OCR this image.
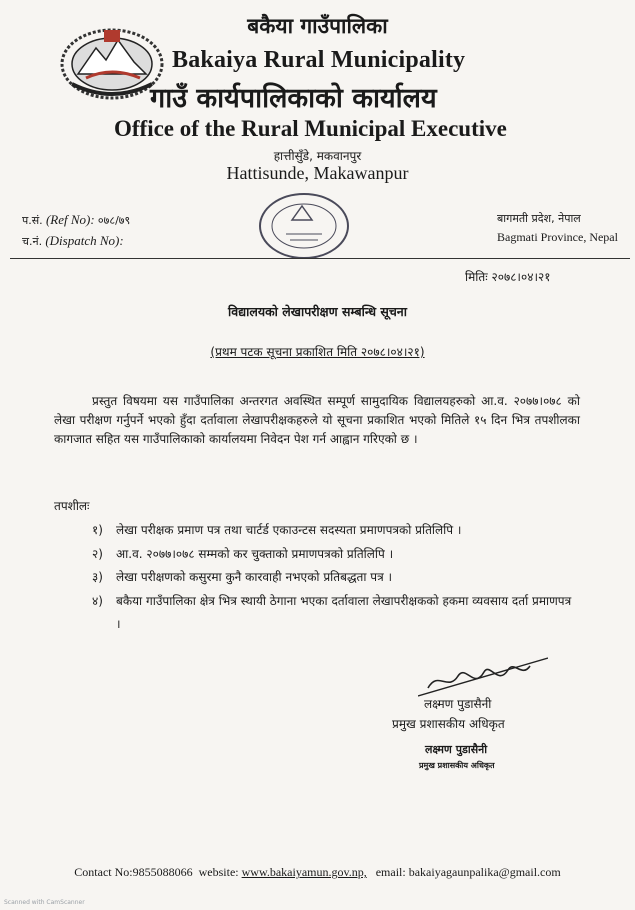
बकैया गाउँपालिका
Bakaiya Rural Municipality
गाउँ कार्यपालिकाको कार्यालय
Office of the Rural Municipal Executive
हात्तीसुँडे, मकवानपुर
Hattisunde, Makawanpur
प.सं. (Ref No): ०७८/७९
च.नं. (Dispatch No):
बागमती प्रदेश, नेपाल
Bagmati Province, Nepal
मितिः २०७८।०४।२१
विद्यालयको लेखापरीक्षण सम्बन्धि सूचना
(प्रथम पटक सूचना प्रकाशित मिति २०७८।०४।२१)
प्रस्तुत विषयमा यस गाउँपालिका अन्तरगत अवस्थित सम्पूर्ण सामुदायिक विद्यालयहरुको आ.व. २०७७।०७८ को लेखा परीक्षण गर्नुपर्ने भएको हुँदा दर्तावाला लेखापरीक्षकहरुले यो सूचना प्रकाशित भएको मितिले १५ दिन भित्र तपशीलका कागजात सहित यस गाउँपालिकाको कार्यालयमा निवेदन पेश गर्न आह्वान गरिएको छ ।
तपशीलः
१)	लेखा परीक्षक प्रमाण पत्र तथा चार्टर्ड एकाउन्टस सदस्यता प्रमाणपत्रको प्रतिलिपि ।
२)	आ.व. २०७७।०७८ सम्मको कर चुक्ताको प्रमाणपत्रको प्रतिलिपि ।
३)	लेखा परीक्षणको कसुरमा कुनै कारवाही नभएको प्रतिबद्धता पत्र ।
४)	बकैया गाउँपालिका क्षेत्र भित्र स्थायी ठेगाना भएका दर्तावाला लेखापरीक्षकको हकमा व्यवसाय दर्ता प्रमाणपत्र ।
लक्ष्मण पुडासैनी
प्रमुख प्रशासकीय अधिकृत
लक्ष्मण पुडासैनी
प्रमुख प्रशासकीय अधिकृत
Contact No:9855088066 website: www.bakaiyamun.gov.np, email: bakaiyagaunpalika@gmail.com
Scanned with CamScanner
